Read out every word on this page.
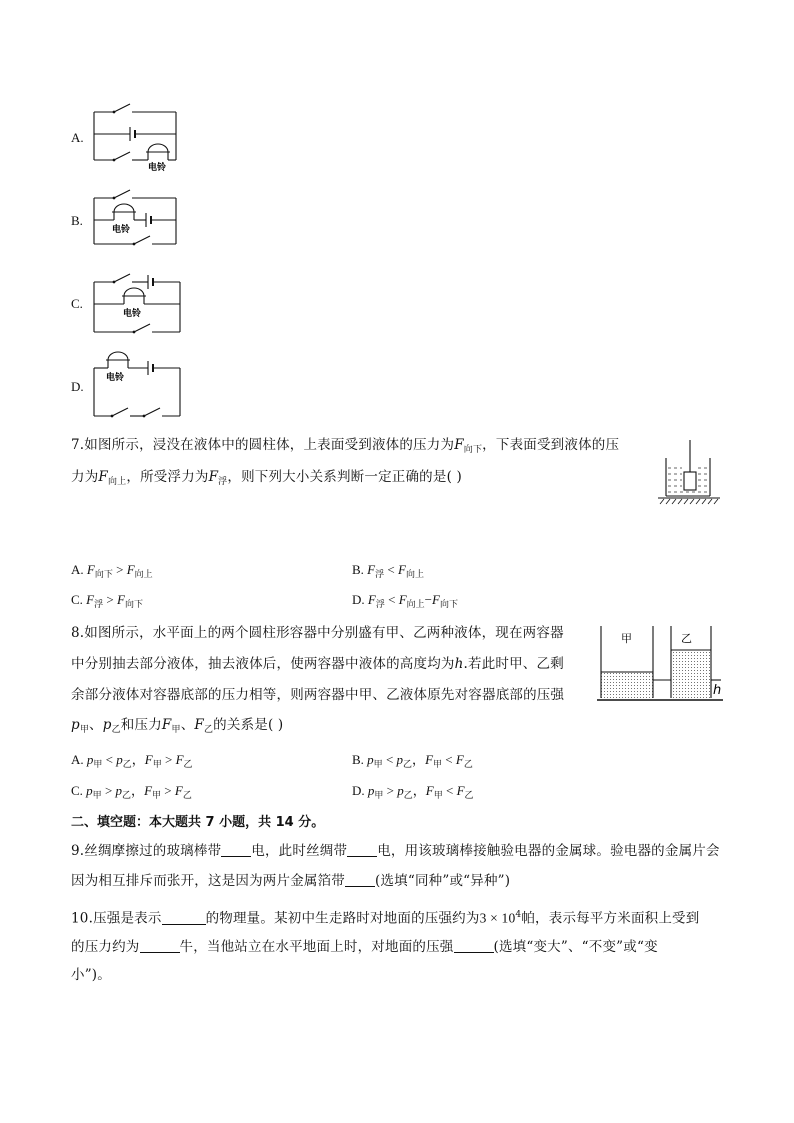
A.
电铃
B.
电铃
C.
电铃
D.
电铃
7.如图所示，浸没在液体中的圆柱体，上表面受到液体的压力为$F_{向下}$，下表面受到液体的压
力为$F_{向上}$，所受浮力为$F_浮$，则下列大小关系判断一定正确的是( )
A. $F_{向下} > F_{向上}$	B. $F_浮 < F_{向上}$
C. $F_浮 > F_{向下}$	D. $F_浮 < F_{向上}-F_{向下}$
8.如图所示，水平面上的两个圆柱形容器中分别盛有甲、乙两种液体，现在两容器
中分别抽去部分液体，抽去液体后，使两容器中液体的高度均为h.若此时甲、乙剩
余部分液体对容器底部的压力相等，则两容器中甲、乙液体原先对容器底部的压强
$p_甲$、$p_乙$和压力$F_甲$、$F_乙$的关系是( )
甲	乙
h
A. $p_甲 < p_乙$，$F_甲 > F_乙$	B. $p_甲 < p_乙$，$F_甲 < F_乙$
C. $p_甲 > p_乙$，$F_甲 > F_乙$	D. $p_甲 > p_乙$，$F_甲 < F_乙$
二、填空题：本大题共 7 小题，共 14 分。
9.丝绸摩擦过的玻璃棒带 电，此时丝绸带 电，用该玻璃棒接触验电器的金属球。验电器的金属片会
因为相互排斥而张开，这是因为两片金属箔带 (选填“同种”或“异种”)
10.压强是表示	的物理量。某初中生走路时对地面的压强约为$3 \times 10^4$帕，表示每平方米面积上受到
的压力约为	牛，当他站立在水平地面上时，对地面的压强	(选填“变大”、“不变”或“变
小”)。
